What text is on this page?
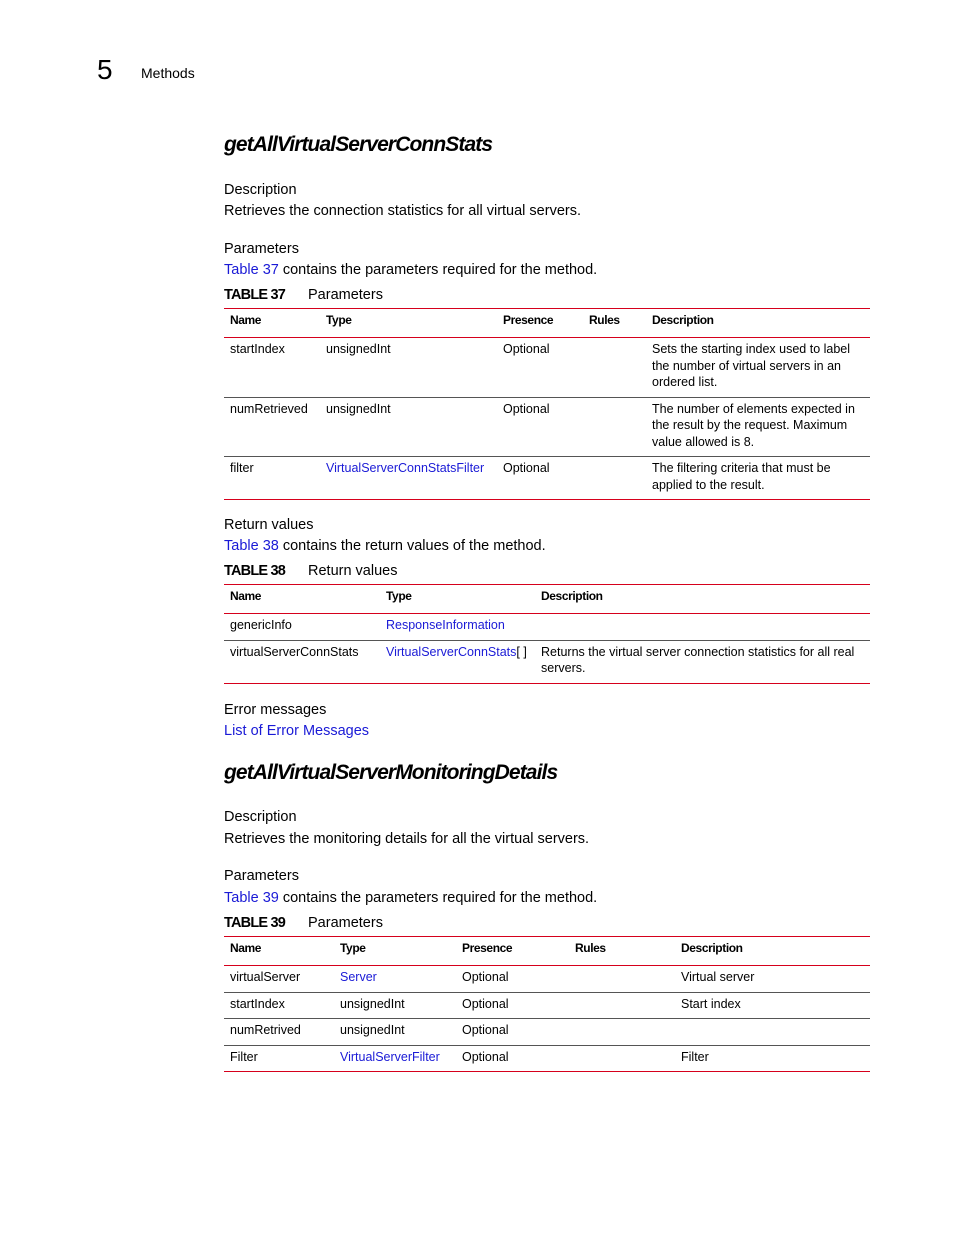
5 Methods
getAllVirtualServerConnStats

Description

Retrieves the connection statistics for all virtual servers.

Parameters

Table 37 contains the parameters required for the method.

TABLE 37 Parameters
Name	Type	Presence	Rules	Description
startIndex	unsignedInt	Optional		Sets the starting index used to label the number of virtual servers in an ordered list.
numRetrieved	unsignedInt	Optional		The number of elements expected in the result by the request. Maximum value allowed is 8.
filter	VirtualServerConnStatsFilter	Optional		The filtering criteria that must be applied to the result.

Return values

Table 38 contains the return values of the method.

TABLE 38 Return values
Name	Type	Description
genericInfo	ResponseInformation	
virtualServerConnStats	VirtualServerConnStats[ ]	Returns the virtual server connection statistics for all real servers.

Error messages

List of Error Messages

getAllVirtualServerMonitoringDetails

Description

Retrieves the monitoring details for all the virtual servers.

Parameters

Table 39 contains the parameters required for the method.

TABLE 39 Parameters
Name	Type	Presence	Rules	Description
virtualServer	Server	Optional		Virtual server
startIndex	unsignedInt	Optional		Start index
numRetrived	unsignedInt	Optional		
Filter	VirtualServerFilter	Optional		Filter
